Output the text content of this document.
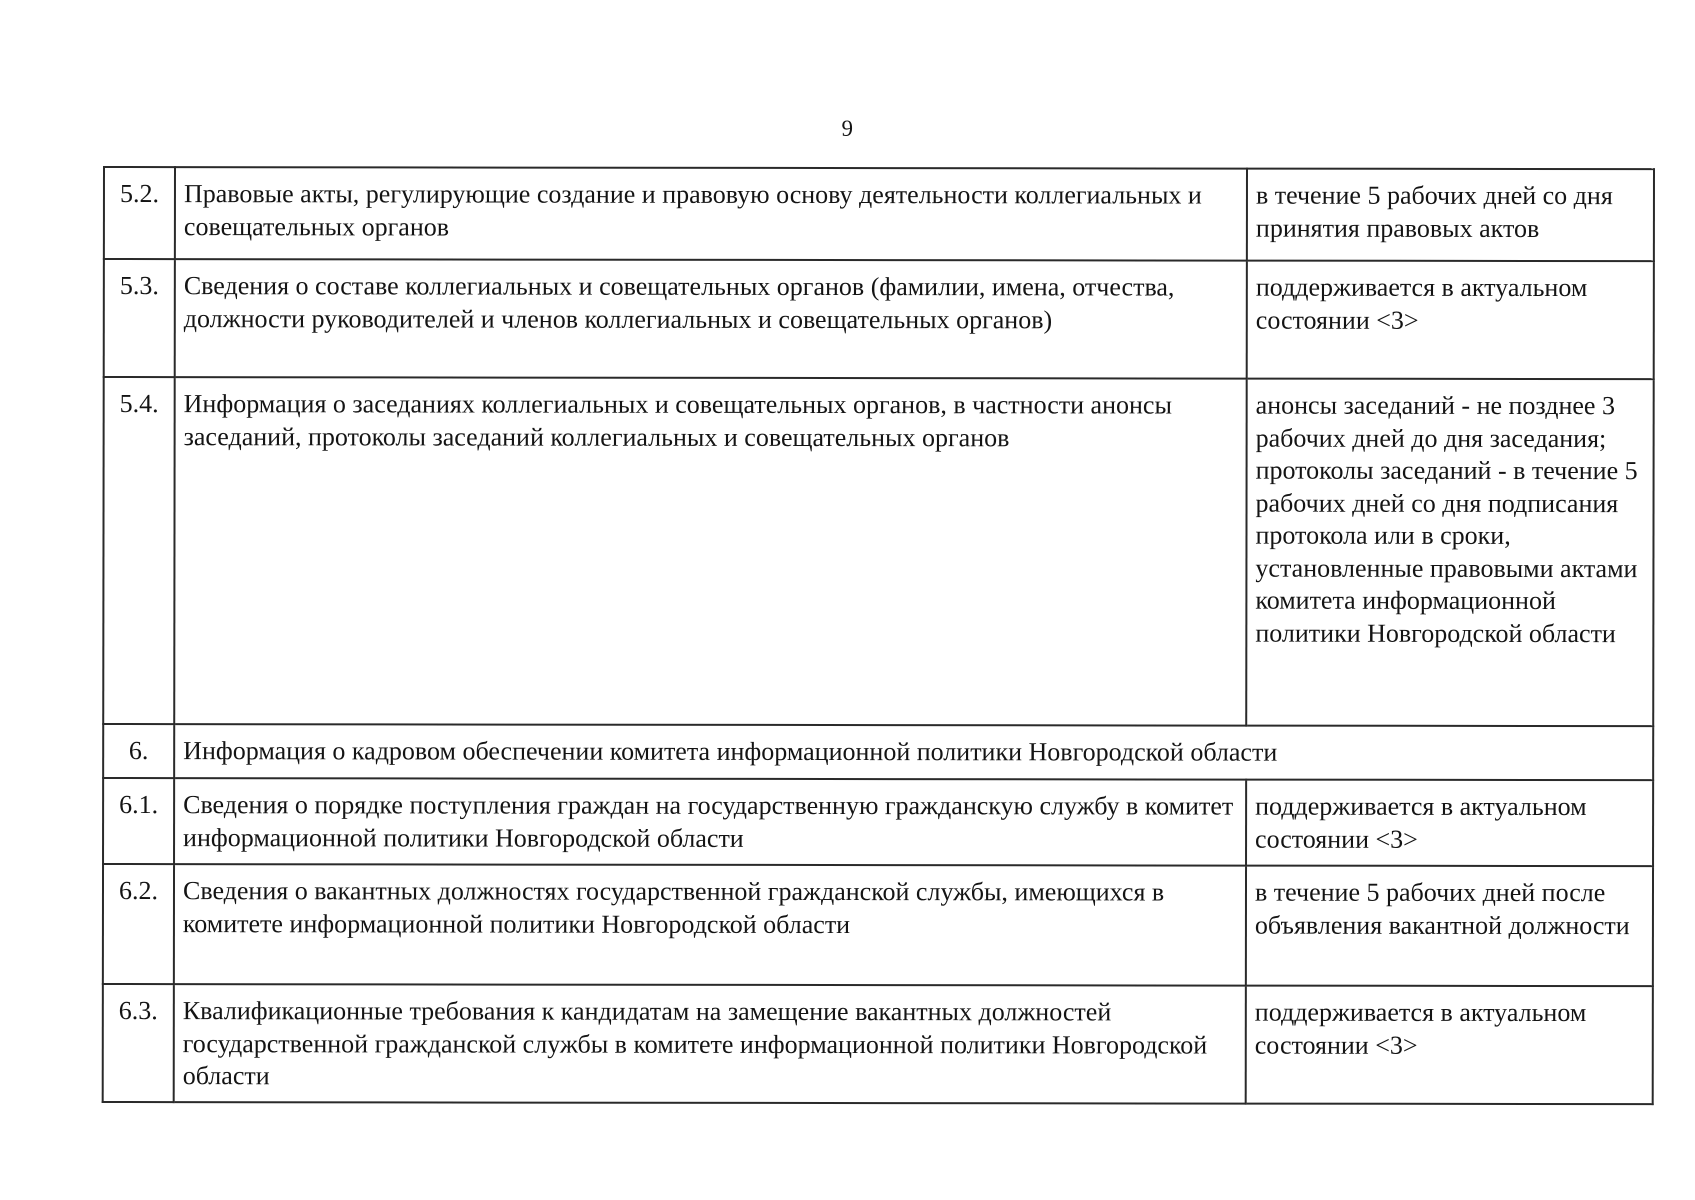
9
5.2.	Правовые акты, регулирующие создание и правовую основу деятельности коллегиальных и совещательных органов	в течение 5 рабочих дней со дня принятия правовых актов
5.3.	Сведения о составе коллегиальных и совещательных органов (фамилии, имена, отчества, должности руководителей и членов коллегиальных и совещательных органов)	поддерживается в актуальном состоянии <3>
5.4.	Информация о заседаниях коллегиальных и совещательных органов, в частности анонсы заседаний, протоколы заседаний коллегиальных и совещательных органов	анонсы заседаний - не позднее 3 рабочих дней до дня заседания; протоколы заседаний - в течение 5 рабочих дней со дня подписания протокола или в сроки, установленные правовыми актами комитета информационной политики Новгородской области
6.	Информация о кадровом обеспечении комитета информационной политики Новгородской области	
6.1.	Сведения о порядке поступления граждан на государственную гражданскую службу в комитет информационной политики Новгородской области	поддерживается в актуальном состоянии <3>
6.2.	Сведения о вакантных должностях государственной гражданской службы, имеющихся в комитете информационной политики Новгородской области	в течение 5 рабочих дней после объявления вакантной должности
6.3.	Квалификационные требования к кандидатам на замещение вакантных должностей государственной гражданской службы в комитете информационной политики Новгородской области	поддерживается в актуальном состоянии <3>
